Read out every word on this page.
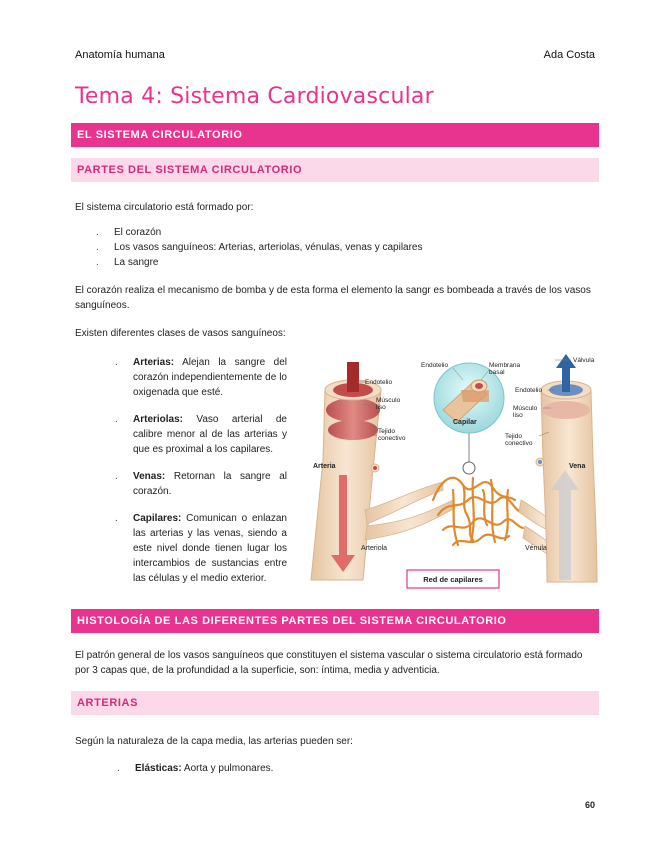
Anatomía humana	Ada Costa
Tema 4: Sistema Cardiovascular
EL SISTEMA CIRCULATORIO
PARTES DEL SISTEMA CIRCULATORIO
El sistema circulatorio está formado por:
. El corazón
. Los vasos sanguíneos: Arterias, arteriolas, vénulas, venas y capilares
. La sangre
El corazón realiza el mecanismo de bomba y de esta forma el elemento la sangr es bombeada a través de los vasos sanguíneos.
Existen diferentes clases de vasos sanguíneos:
. Arterias: Alejan la sangre del corazón independientemente de lo oxigenada que esté.
. Arteriolas: Vaso arterial de calibre menor al de las arterias y que es proximal a los capilares.
. Venas: Retornan la sangre al corazón.
. Capilares: Comunican o enlazan las arterias y las venas, siendo a este nivel donde tienen lugar los intercambios de sustancias entre las células y el medio exterior.
Endotelio
Músculo liso
Tejido conectivo
Arteria
Arteriola
Endotelio	Membrana basal
Capilar
Válvula
Endotelio
Músculo liso
Tejido conectivo
Vena
Vénula
Red de capilares
HISTOLOGÍA DE LAS DIFERENTES PARTES DEL SISTEMA CIRCULATORIO
El patrón general de los vasos sanguíneos que constituyen el sistema vascular o sistema circulatorio está formado por 3 capas que, de la profundidad a la superficie, son: íntima, media y adventicia.
ARTERIAS
Según la naturaleza de la capa media, las arterias pueden ser:
. Elásticas: Aorta y pulmonares.
60
